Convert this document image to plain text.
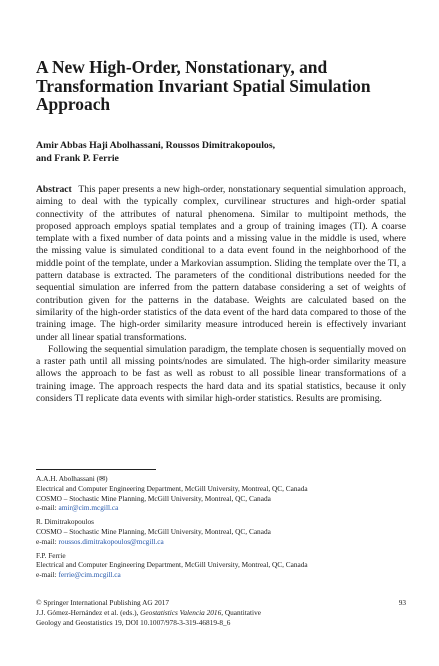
A New High-Order, Nonstationary, and
Transformation Invariant Spatial Simulation
Approach
Amir Abbas Haji Abolhassani, Roussos Dimitrakopoulos,
and Frank P. Ferrie

Abstract This paper presents a new high-order, nonstationary sequential simulation approach, aiming to deal with the typically complex, curvilinear structures and high-order spatial connectivity of the attributes of natural phenomena. Similar to multipoint methods, the proposed approach employs spatial templates and a group of training images (TI). A coarse template with a fixed number of data points and a missing value in the middle is used, where the missing value is simulated conditional to a data event found in the neighborhood of the middle point of the template, under a Markovian assumption. Sliding the template over the TI, a pattern database is extracted. The parameters of the conditional distributions needed for the sequential simulation are inferred from the pattern database considering a set of weights of contribution given for the patterns in the database. Weights are calculated based on the similarity of the high-order statistics of the data event of the hard data compared to those of the training image. The high-order similarity measure introduced herein is effectively invariant under all linear spatial transformations.

Following the sequential simulation paradigm, the template chosen is sequentially moved on a raster path until all missing points/nodes are simulated. The high-order similarity measure allows the approach to be fast as well as robust to all possible linear transformations of a training image. The approach respects the hard data and its spatial statistics, because it only considers TI replicate data events with similar high-order statistics. Results are promising.

A.A.H. Abolhassani (✉)
Electrical and Computer Engineering Department, McGill University, Montreal, QC, Canada
COSMO – Stochastic Mine Planning, McGill University, Montreal, QC, Canada
e-mail: amir@cim.mcgill.ca
R. Dimitrakopoulos
COSMO – Stochastic Mine Planning, McGill University, Montreal, QC, Canada
e-mail: roussos.dimitrakopoulos@mcgill.ca
F.P. Ferrie
Electrical and Computer Engineering Department, McGill University, Montreal, QC, Canada
e-mail: ferrie@cim.mcgill.ca
© Springer International Publishing AG 2017
J.J. Gómez-Hernández et al. (eds.), Geostatistics Valencia 2016, Quantitative
Geology and Geostatistics 19, DOI 10.1007/978-3-319-46819-8_6
93
